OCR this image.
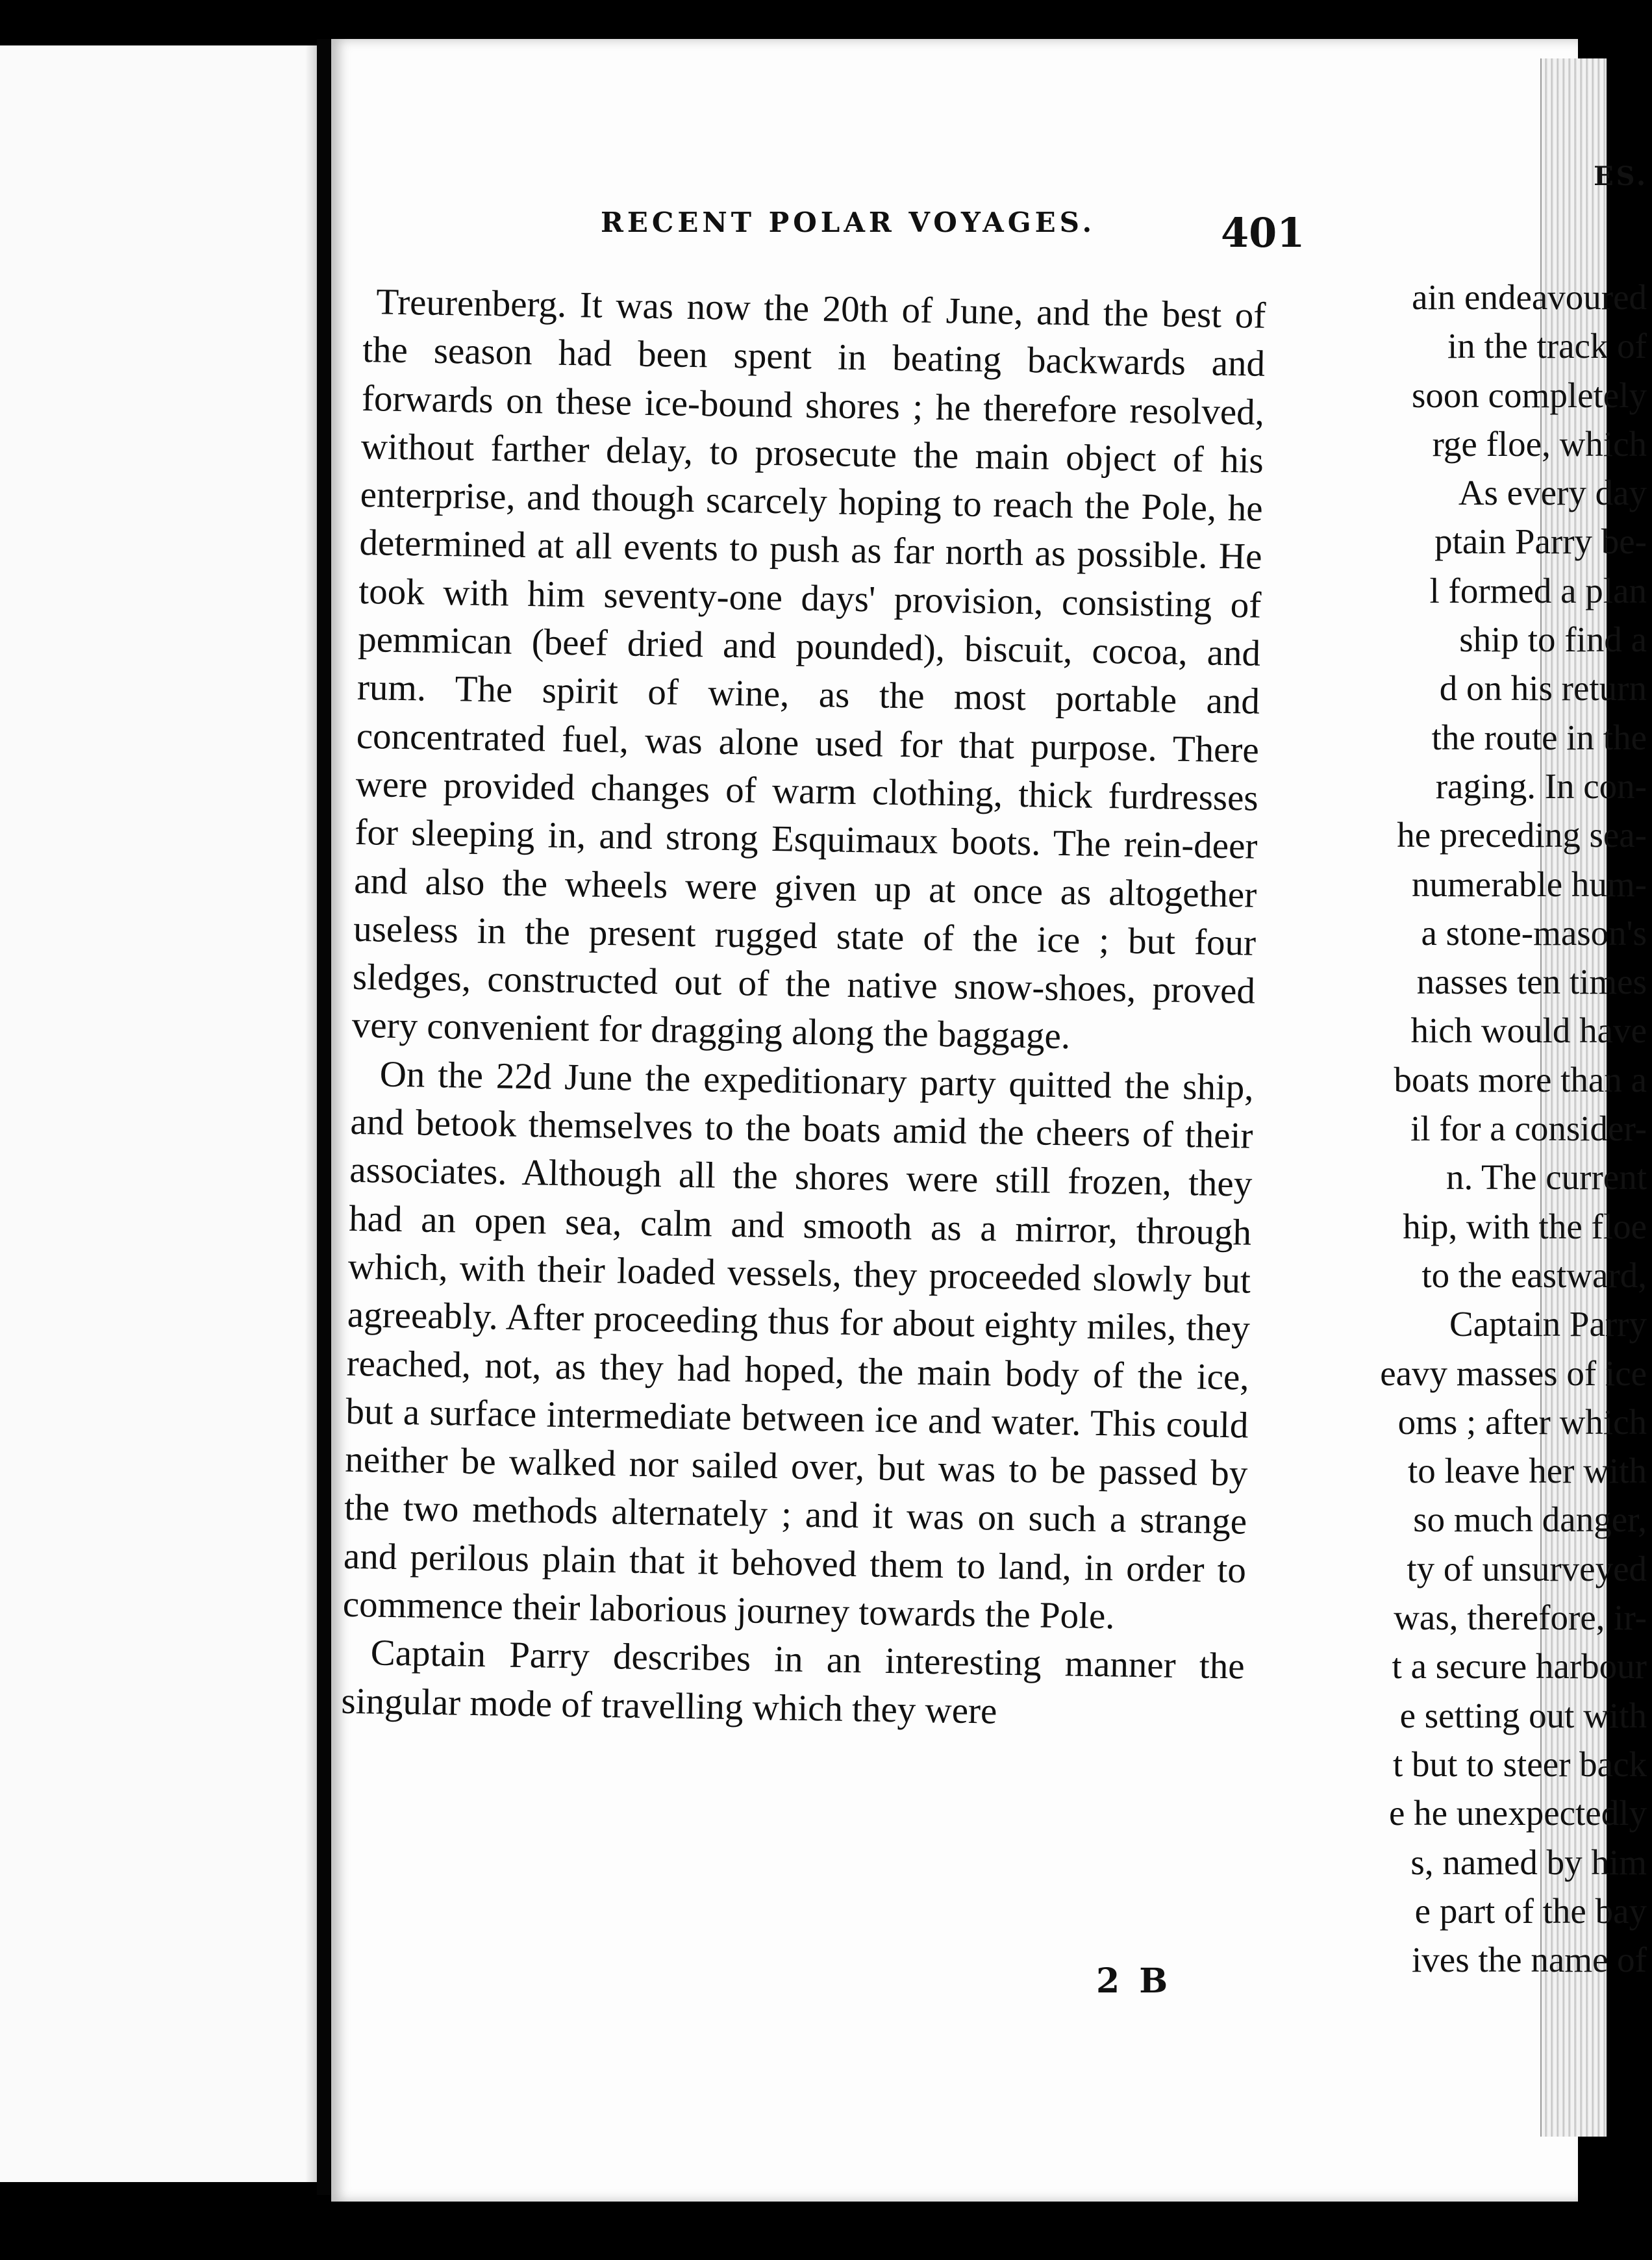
ES.
ain endeavoured
in the track of
soon completely
rge floe, which
As every day
ptain Parry be-
l formed a plan
ship to find a
d on his return
the route in the
raging. In con-
he preceding sea-
numerable hum-
a stone-mason's
nasses ten times
hich would have
boats more than a
il for a consider-
n. The current
hip, with the floe
to the eastward,
Captain Parry
eavy masses of ice
oms ; after which
to leave her with
so much danger,
ty of unsurveyed
was, therefore, ir-
t a secure harbour
e setting out with
t but to steer back
e he unexpectedly
s, named by him
e part of the bay
ives the name of
RECENT POLAR VOYAGES.	401

Treurenberg. It was now the 20th of June, and the best of the season had been spent in beating backwards and forwards on these ice-bound shores ; he therefore resolved, without farther delay, to prosecute the main object of his enterprise, and though scarcely hoping to reach the Pole, he determined at all events to push as far north as possible. He took with him seventy-one days' provision, consisting of pemmican (beef dried and pounded), biscuit, cocoa, and rum. The spirit of wine, as the most portable and concentrated fuel, was alone used for that purpose. There were provided changes of warm clothing, thick furdresses for sleeping in, and strong Esquimaux boots. The rein-deer and also the wheels were given up at once as altogether useless in the present rugged state of the ice ; but four sledges, constructed out of the native snow-shoes, proved very convenient for dragging along the baggage.

On the 22d June the expeditionary party quitted the ship, and betook themselves to the boats amid the cheers of their associates. Although all the shores were still frozen, they had an open sea, calm and smooth as a mirror, through which, with their loaded vessels, they proceeded slowly but agreeably. After proceeding thus for about eighty miles, they reached, not, as they had hoped, the main body of the ice, but a surface intermediate between ice and water. This could neither be walked nor sailed over, but was to be passed by the two methods alternately ; and it was on such a strange and perilous plain that it behoved them to land, in order to commence their laborious journey towards the Pole.

Captain Parry describes in an interesting manner the singular mode of travelling which they were

2 B
